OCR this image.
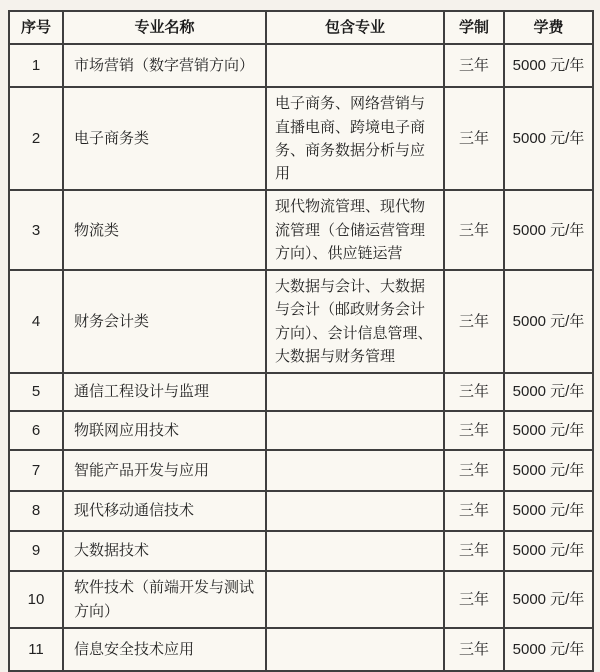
序号	专业名称	包含专业	学制	学费
1	市场营销（数字营销方向）		三年	5000 元/年
2	电子商务类	电子商务、网络营销与直播电商、跨境电子商务、商务数据分析与应用	三年	5000 元/年
3	物流类	现代物流管理、现代物流管理（仓储运营管理方向）、供应链运营	三年	5000 元/年
4	财务会计类	大数据与会计、大数据与会计（邮政财务会计方向）、会计信息管理、大数据与财务管理	三年	5000 元/年
5	通信工程设计与监理		三年	5000 元/年
6	物联网应用技术		三年	5000 元/年
7	智能产品开发与应用		三年	5000 元/年
8	现代移动通信技术		三年	5000 元/年
9	大数据技术		三年	5000 元/年
10	软件技术（前端开发与测试方向）		三年	5000 元/年
11	信息安全技术应用		三年	5000 元/年
